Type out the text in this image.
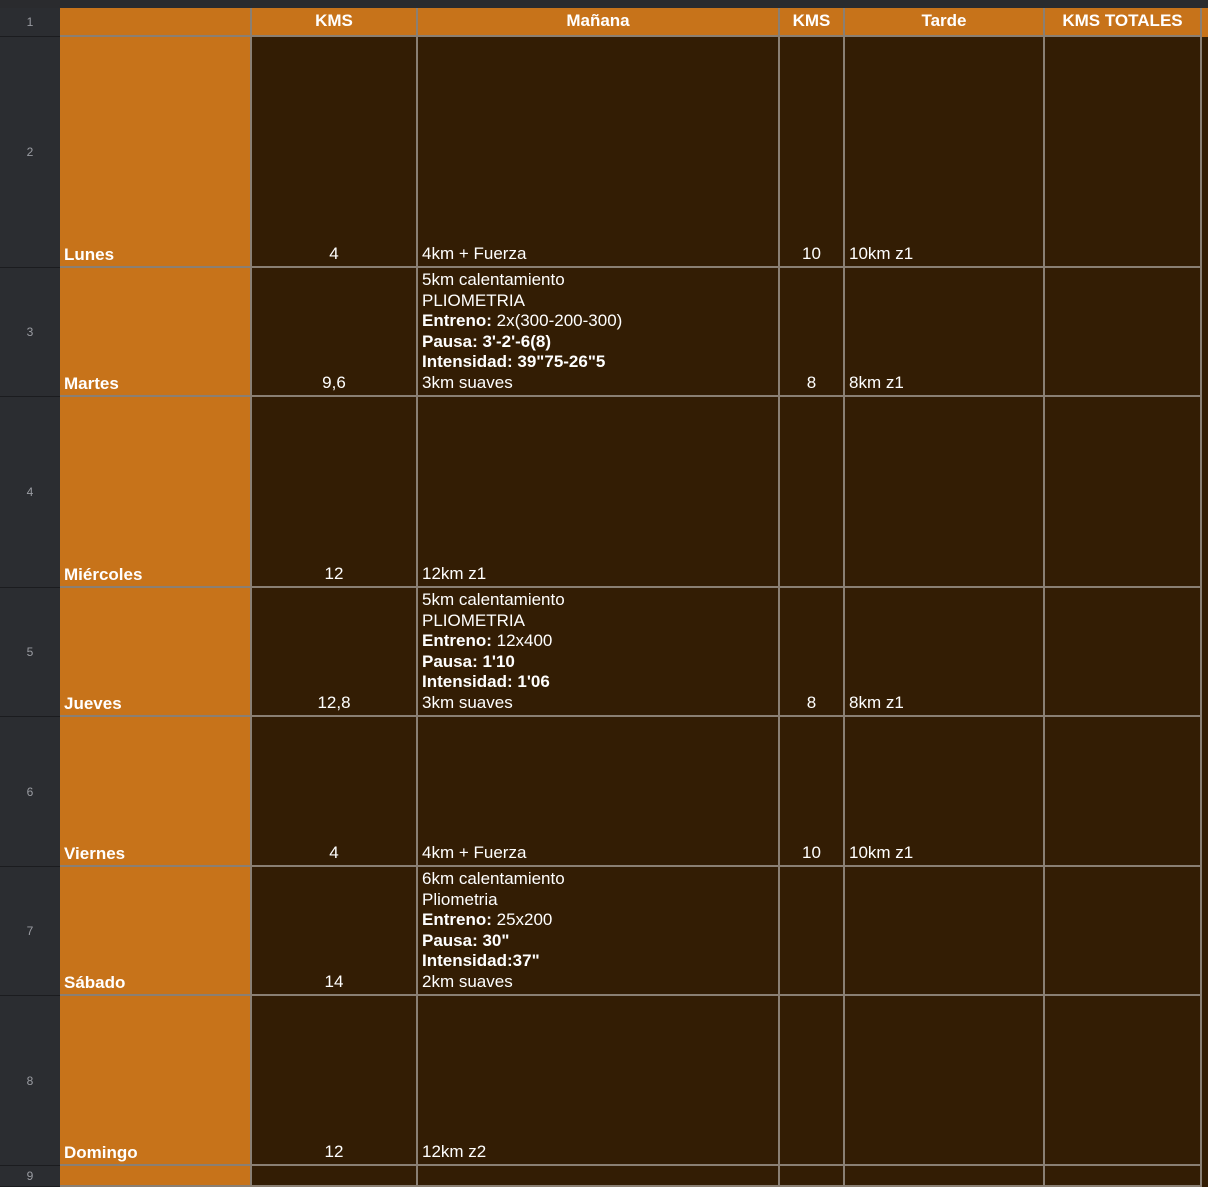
1
2
3
4
5
6
7
8
9
KMS	Mañana	KMS	Tarde	KMS TOTALES
Lunes	4	4km + Fuerza	10 10km z1
Martes	9,6
5km calentamiento
PLIOMETRIA
Entreno: 2x(300-200-300)
Pausa: 3'-2'-6(8)
Intensidad: 39"75-26"5
3km suaves	8 8km z1
Miércoles	12	12km z1
Jueves	12,8
5km calentamiento
PLIOMETRIA
Entreno: 12x400
Pausa: 1'10
Intensidad: 1'06
3km suaves	8 8km z1
Viernes	4	4km + Fuerza	10 10km z1
Sábado	14
6km calentamiento
Pliometria
Entreno: 25x200
Pausa: 30"
Intensidad:37"
2km suaves
Domingo	12	12km z2
